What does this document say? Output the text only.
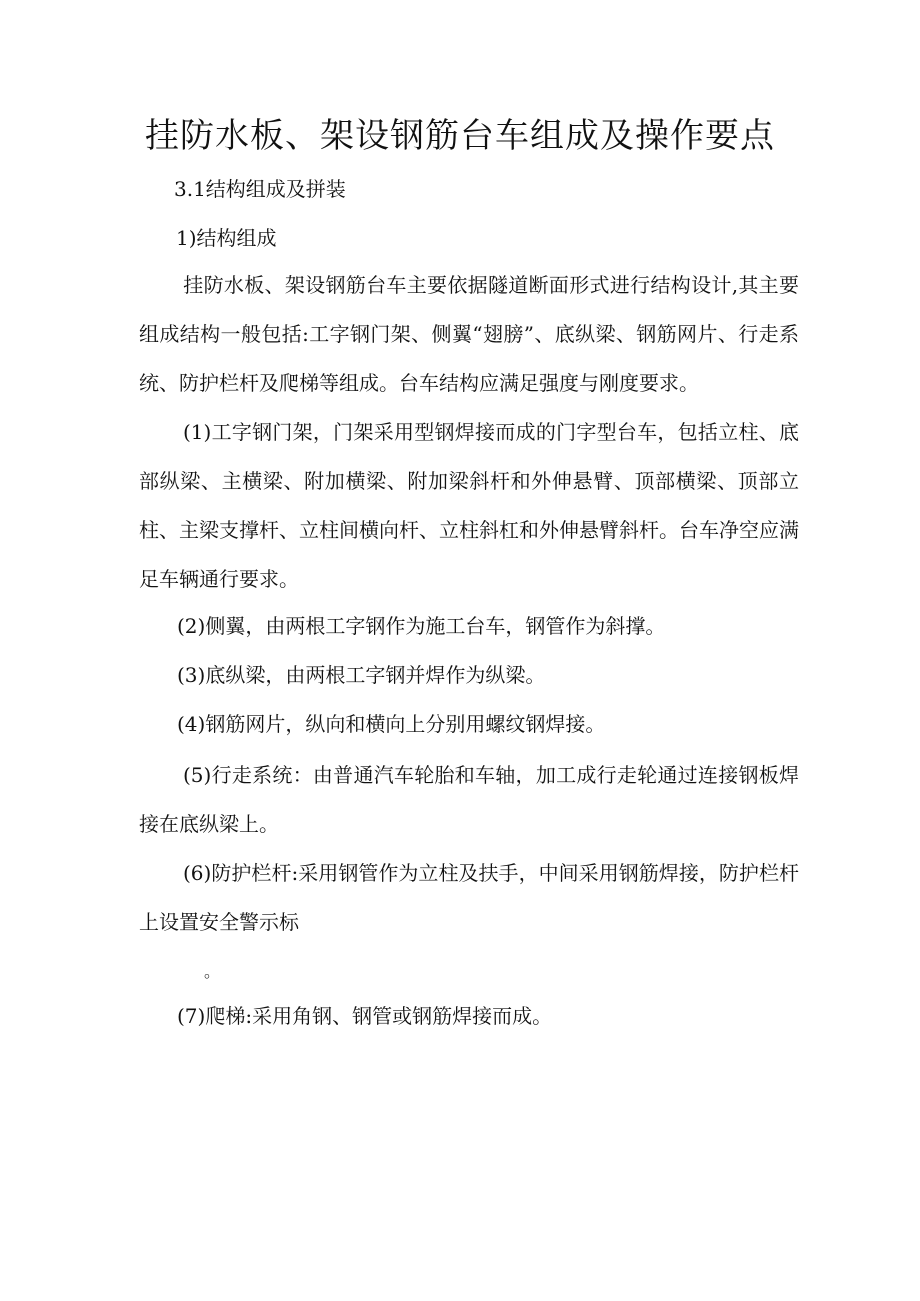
挂防水板、架设钢筋台车组成及操作要点
3.1结构组成及拼装
1)结构组成
挂防水板、架设钢筋台车主要依据隧道断面形式进行结构设计,其主要组成结构一般包括:工字钢门架、侧翼“翅膀”、底纵梁、钢筋网片、行走系统、防护栏杆及爬梯等组成。台车结构应满足强度与刚度要求。
(1)工字钢门架，门架采用型钢焊接而成的门字型台车，包括立柱、底部纵梁、主横梁、附加横梁、附加梁斜杆和外伸悬臂、顶部横梁、顶部立柱、主梁支撑杆、立柱间横向杆、立柱斜杠和外伸悬臂斜杆。台车净空应满足车辆通行要求。
(2)侧翼，由两根工字钢作为施工台车，钢管作为斜撑。
(3)底纵梁，由两根工字钢并焊作为纵梁。
(4)钢筋网片，纵向和横向上分别用螺纹钢焊接。
(5)行走系统：由普通汽车轮胎和车轴，加工成行走轮通过连接钢板焊接在底纵梁上。
(6)防护栏杆:采用钢管作为立柱及扶手，中间采用钢筋焊接，防护栏杆上设置安全警示标
。
(7)爬梯:采用角钢、钢管或钢筋焊接而成。
